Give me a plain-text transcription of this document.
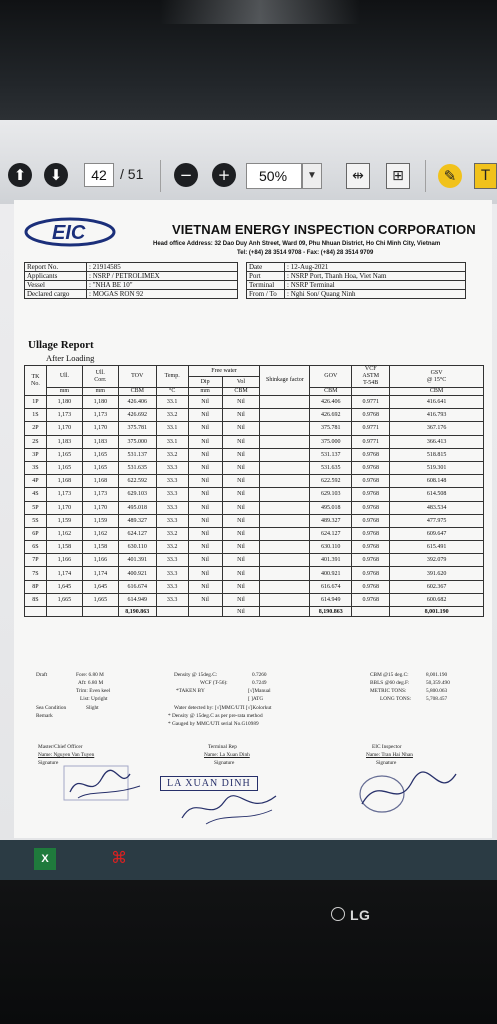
⬆	⬇	42 / 51	−	+	50%	▼	⇹	⊞	✎	T
EIC	VIETNAM ENERGY INSPECTION CORPORATION
Head office Address: 32 Dao Duy Anh Street, Ward 09, Phu Nhuan District, Ho Chi Minh City, Vietnam
Tel: (+84) 28 3514 9708 - Fax: (+84) 28 3514 9709
Report No.	: 21914585
Applicants	: NSRP / PETROLIMEX
Vessel	: "NHA BE 10"
Declared cargo	: MOGAS RON 92
Date	: 12-Aug-2021
Port	: NSRP Port, Thanh Hoa, Viet Nam
Terminal	: NSRP Terminal
From / To	: Nghi Son/ Quang Ninh
Ullage Report
After Loading
TK
No.	Ull.	Ull.
Corr.	TOV	Temp.	Free water		Shinkage factor	GOV	VCF
ASTM
T-54B	GSV
@ 15°C
					Dip	Vol				
	mm	mm	CBM	°C	mm	CBM		CBM		CBM
1P	1,180	1,180	426.406	33.1	Nil	Nil		426.406	0.9771	416.641
1S	1,173	1,173	426.692	33.2	Nil	Nil		426.692	0.9768	416.793
2P	1,170	1,170	375.781	33.1	Nil	Nil		375.781	0.9771	367.176
2S	1,183	1,183	375.000	33.1	Nil	Nil		375.000	0.9771	366.413
3P	1,165	1,165	531.137	33.2	Nil	Nil		531.137	0.9768	518.815
3S	1,165	1,165	531.635	33.3	Nil	Nil		531.635	0.9768	519.301
4P	1,168	1,168	622.592	33.3	Nil	Nil		622.592	0.9768	608.148
4S	1,173	1,173	629.103	33.3	Nil	Nil		629.103	0.9768	614.508
5P	1,170	1,170	495.018	33.3	Nil	Nil		495.018	0.9768	483.534
5S	1,159	1,159	489.327	33.3	Nil	Nil		489.327	0.9768	477.975
6P	1,162	1,162	624.127	33.2	Nil	Nil		624.127	0.9768	609.647
6S	1,158	1,158	630.110	33.2	Nil	Nil		630.110	0.9768	615.491
7P	1,166	1,166	401.391	33.3	Nil	Nil		401.391	0.9768	392.079
7S	1,174	1,174	400.921	33.3	Nil	Nil		400.921	0.9768	391.620
8P	1,645	1,645	616.674	33.3	Nil	Nil		616.674	0.9768	602.367
8S	1,665	1,665	614.949	33.3	Nil	Nil		614.949	0.9768	600.682
			8,190.863			Nil		8,190.863		8,001.190
Draft	Fore: 6.80 M
Aft: 6.80 M
Trim: Even keel
List: Upright
Sea Condition	Slight
Remark
Density @ 15deg.C:	0.7260
WCF (T-56):	0.7249
*TAKEN BY	[√]Manual
[ ]ATG
Water detected by: [√]MMC/UTI [√]Kolorkut
* Density @ 15deg.C as per pre-rata method
* Gauged by MMC/UTI serial No.G10989
CBM @15 deg.C:	8,001.190
BBLS @60 deg.F:	50,359.490
METRIC TONS:	5,800.063
LONG TONS:	5,708.457
Master/Chief Officer
Name: Nguyen Van Tuyen
Signature
Terminal Rep
Name: La Xuan Dinh
Signature
EIC Inspector
Name: Tran Hai Nhan
Signature
LA XUAN DINH
X	⌘
LG
